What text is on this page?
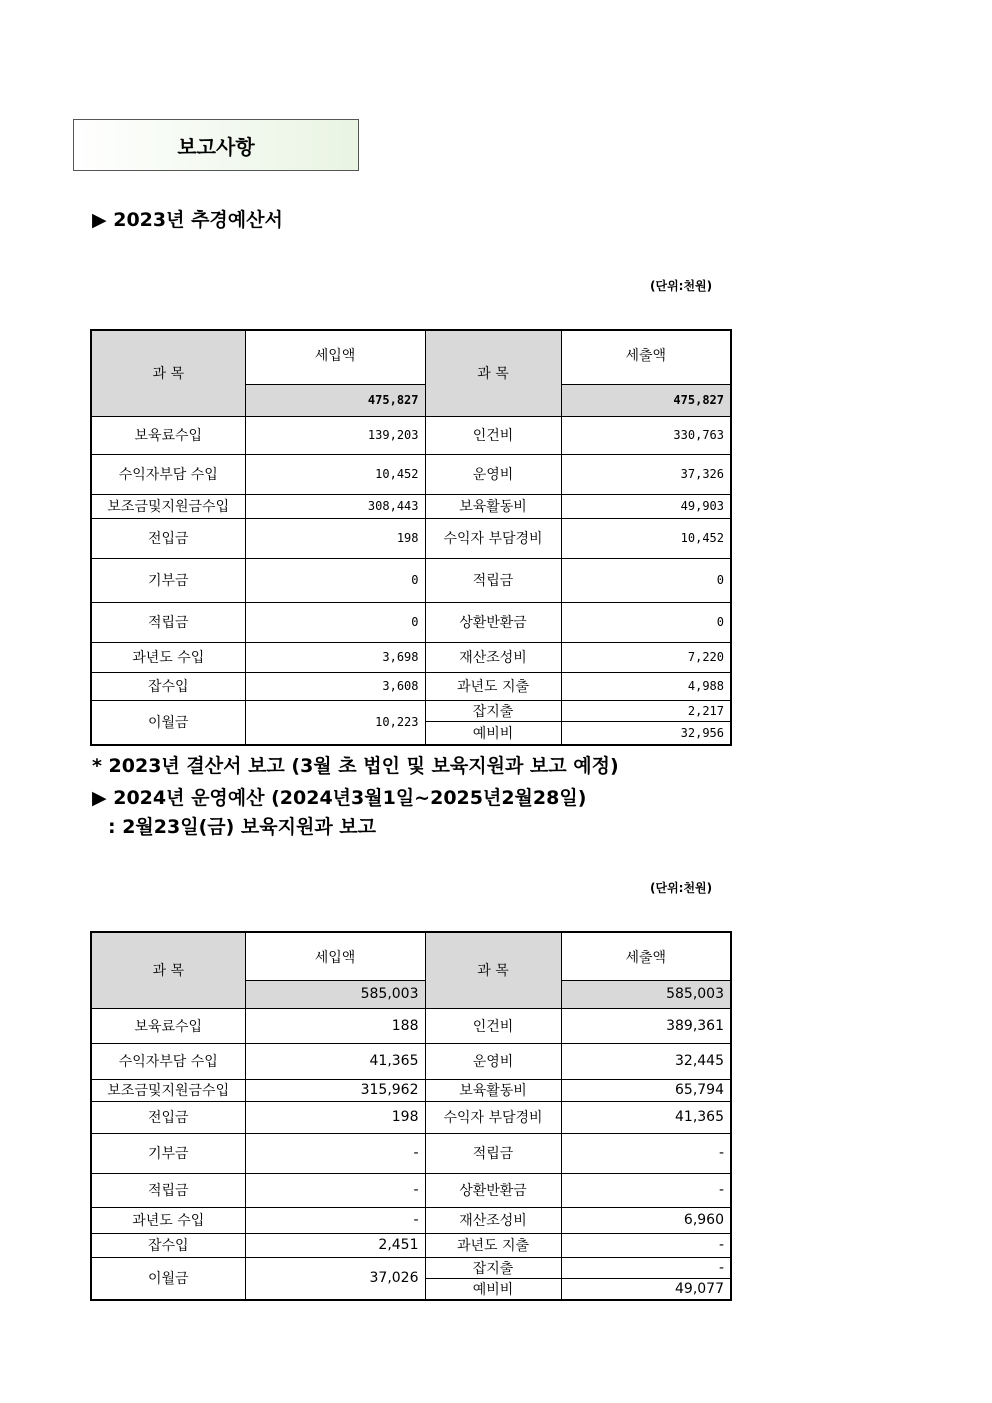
보고사항
▶ 2023년 추경예산서
(단위:천원)
과 목	세입액	과 목	세출액
	475,827		475,827
보육료수입	139,203	인건비	330,763
수익자부담 수입	10,452	운영비	37,326
보조금및지원금수입	308,443	보육활동비	49,903
전입금	198	수익자 부담경비	10,452
기부금	0	적립금	0
적립금	0	상환반환금	0
과년도 수입	3,698	재산조성비	7,220
잡수입	3,608	과년도 지출	4,988
이월금	10,223	잡지출	2,217
		예비비	32,956
* 2023년 결산서 보고 (3월 초 법인 및 보육지원과 보고 예정)
▶ 2024년 운영예산 (2024년3월1일~2025년2월28일)
: 2월23일(금) 보육지원과 보고
(단위:천원)
과 목	세입액	과 목	세출액
	585,003		585,003
보육료수입	188	인건비	389,361
수익자부담 수입	41,365	운영비	32,445
보조금및지원금수입	315,962	보육활동비	65,794
전입금	198	수익자 부담경비	41,365
기부금	-	적립금	-
적립금	-	상환반환금	-
과년도 수입	-	재산조성비	6,960
잡수입	2,451	과년도 지출	-
이월금	37,026	잡지출	-
		예비비	49,077
